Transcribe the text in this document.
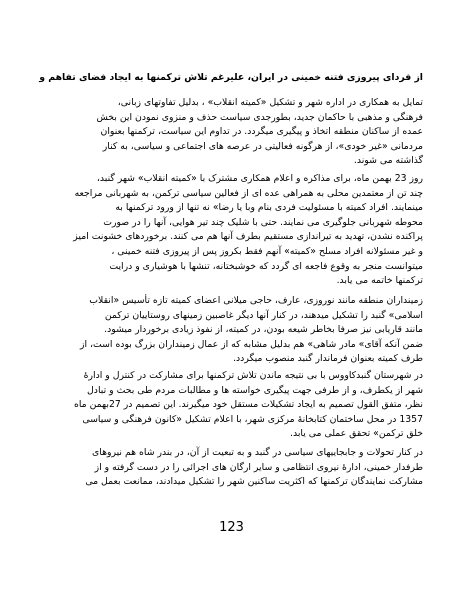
از فردای پیروزی فتنه خمینی در ایران، علیرغم تلاش ترکمنها به ایجاد فضای تفاهم و
تمایل به همکاری در اداره شهر و تشکیل «کمیته انقلاب» ، بدلیل تفاوتهای زبانی،
فرهنگی و مذهبی با حاکمان جدید، بطورجدی سیاست حذف و منزوی نمودن این بخش
عمده از ساکنان منطقه اتخاذ و پیگیری میگردد. در تداوم این سیاست، ترکمنها بعنوان
مردمانی «غیر خودی»، از هرگونه فعالیتی در عرصه های اجتماعی و سیاسی، به کنار
گذاشته می شوند.
روز 23 بهمن ماه، برای مذاکره و اعلام همکاری مشترک با «کمیته انقلاب» شهر گنبد،
چند تن از معتمدین محلی به همراهی عده ای از فعالین سیاسی ترکمن، به شهربانی مراجعه
مینمایند. افراد کمیته با مسئولیت فردی بنام وبا یا رضا» نه تنها از ورود ترکمنها به
محوطه شهربانی جلوگیری می نمایند. حتی با شلیک چند تیر هوایی، آنها را در صورت
پراکنده نشدن، تهدید به تیراندازی مستقیم بطرف آنها هم می کنند. برخوردهای خشونت امیز
و غیر مسئولانه افراد مسلح «کمیته» آنهم فقط بکروز پس از پیروزی فتنه خمینی ،
میتوانست منجر به وقوع فاجعه ای گردد که خوشبختانه، تنشها با هوشیاری و درایت
ترکمنها خاتمه می یابد.
زمینداران منطقه مانند نوروزی، عارف، حاجی میلانی اعضای کمیته تازه تأسیس «انقلاب
اسلامی» گنبد را تشکیل میدهند، در کنار آنها دیگر غاصبین زمینهای روستاییان ترکمن
مانند قاریابی نیز صرفا بخاطر شیعه بودن، در کمیته، از نفوذ زیادی برخوردار میشود.
ضمن آنکه آقای» مادر شاهی» هم بدلیل مشابه که از عمال زمینداران بزرگ بوده است، از
طرف کمیته بعنوان فرماندار گنبد منصوب میگردد.
در شهرستان گنبدکاووس با بی نتیجه ماندن تلاش ترکمنها برای مشارکت در کنترل و ادارهٔ
شهر از یکطرف، و از طرفی جهت پیگیری خواسته ها و مطالبات مردم طی بحث و تبادل
نظر، متفق القول تصمیم به ایجاد تشکیلات مستقل خود میگیرند. این تصمیم در 27بهمن ماه
1357 در محل ساختمان کتابخانهٔ مرکزی شهر، با اعلام تشکیل «کانون فرهنگی و سیاسی
خلق ترکمن» تحقق عملی می یابد.
در کنار تحولات و جابجاییهای سیاسی در گنبد و به تبعیت از آن، در بندر شاه هم نیروهای
طرفدار خمینی، ادارهٔ نیروی انتظامی و سایر ارگان های اجرائی را در دست گرفته و از
مشارکت نمایندگان ترکمنها که اکثریت ساکنین شهر را تشکیل میدادند، ممانعت بعمل می
123
